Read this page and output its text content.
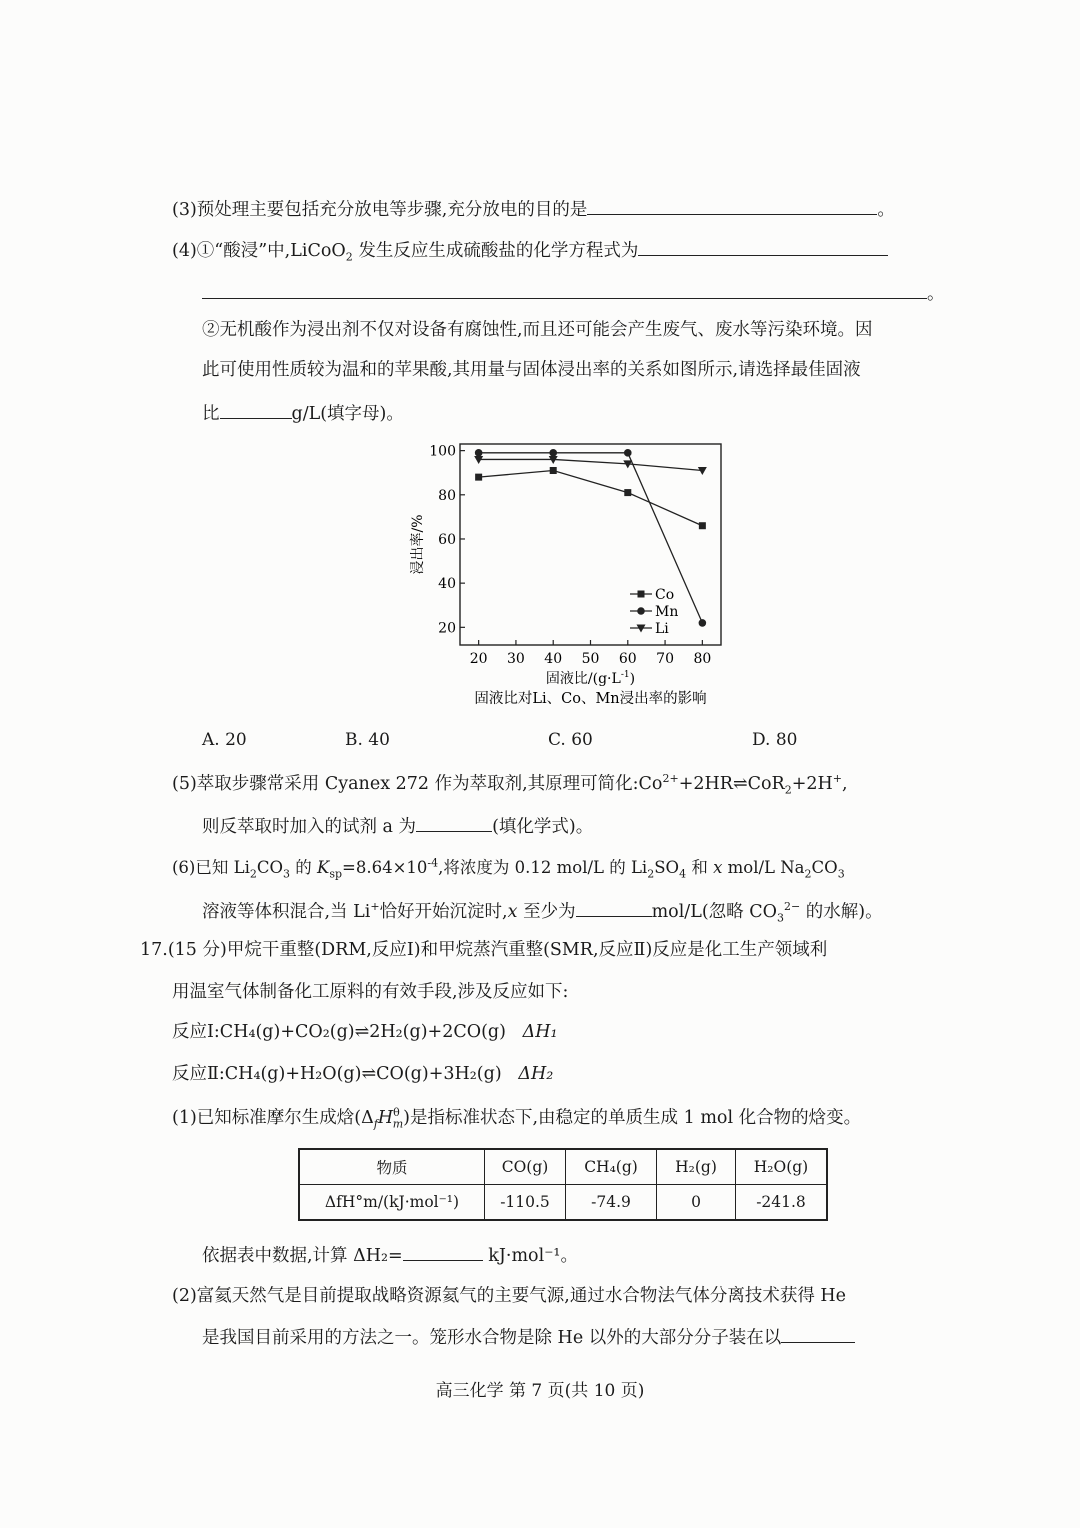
(3)预处理主要包括充分放电等步骤,充分放电的目的是	。
(4)①“酸浸”中,LiCoO$_2$ 发生反应生成硫酸盐的化学方程式为
。
②无机酸作为浸出剂不仅对设备有腐蚀性,而且还可能会产生废气、废水等污染环境。因
此可使用性质较为温和的苹果酸,其用量与固体浸出率的关系如图所示,请选择最佳固液
比	g/L(填字母)。
20 30 40 50 60 70 80
20
40
60
80
100
固液比$/(g\cdot L^{-1})$
浸出率/%
固液比对Li、Co、Mn浸出率的影响
Co
Mn
Li
A. 20	B. 40	C. 60	D. 80
(5)萃取步骤常采用 Cyanex 272 作为萃取剂,其原理可简化$:Co^{2+}+2HR\rightleftharpoons CoR_2+2H^+$,
则反萃取时加入的试剂 a 为	(填化学式)。
(6)已知 $Li_2CO_3$ 的 $K_{sp}=8.64\times 10^{-4}$,将浓度为 0.12 mol/L 的 $Li_2SO_4$ 和 x mol/L $Na_2CO_3$
溶液等体积混合,当 Li+恰好开始沉淀时,x 至少为	mol/L(忽略 $CO_3^{2-}$ 的水解)。
17.(15 分)甲烷干重整(DRM,反应Ⅰ)和甲烷蒸汽重整(SMR,反应Ⅱ)反应是化工生产领域利
用温室气体制备化工原料的有效手段,涉及反应如下:
反应Ⅰ:CH₄(g)+CO₂(g)⇌2H₂(g)+2CO(g) ΔH₁
反应Ⅱ:CH₄(g)+H₂O(g)⇌CO(g)+3H₂(g) ΔH₂
(1)已知标准摩尔生成焓$(\Delta_fH^\theta_m)$是指标准状态下,由稳定的单质生成 1 mol 化合物的焓变。
物质	CO(g)	CH₄(g)	H₂(g)	H₂O(g)
ΔfH°m/(kJ·mol⁻¹)	-110.5	-74.9	0	-241.8
依据表中数据,计算 ΔH₂=	kJ·mol⁻¹。
(2)富氦天然气是目前提取战略资源氦气的主要气源,通过水合物法气体分离技术获得 He
是我国目前采用的方法之一。笼形水合物是除 He 以外的大部分分子装在以
高三化学 第 7 页(共 10 页)
